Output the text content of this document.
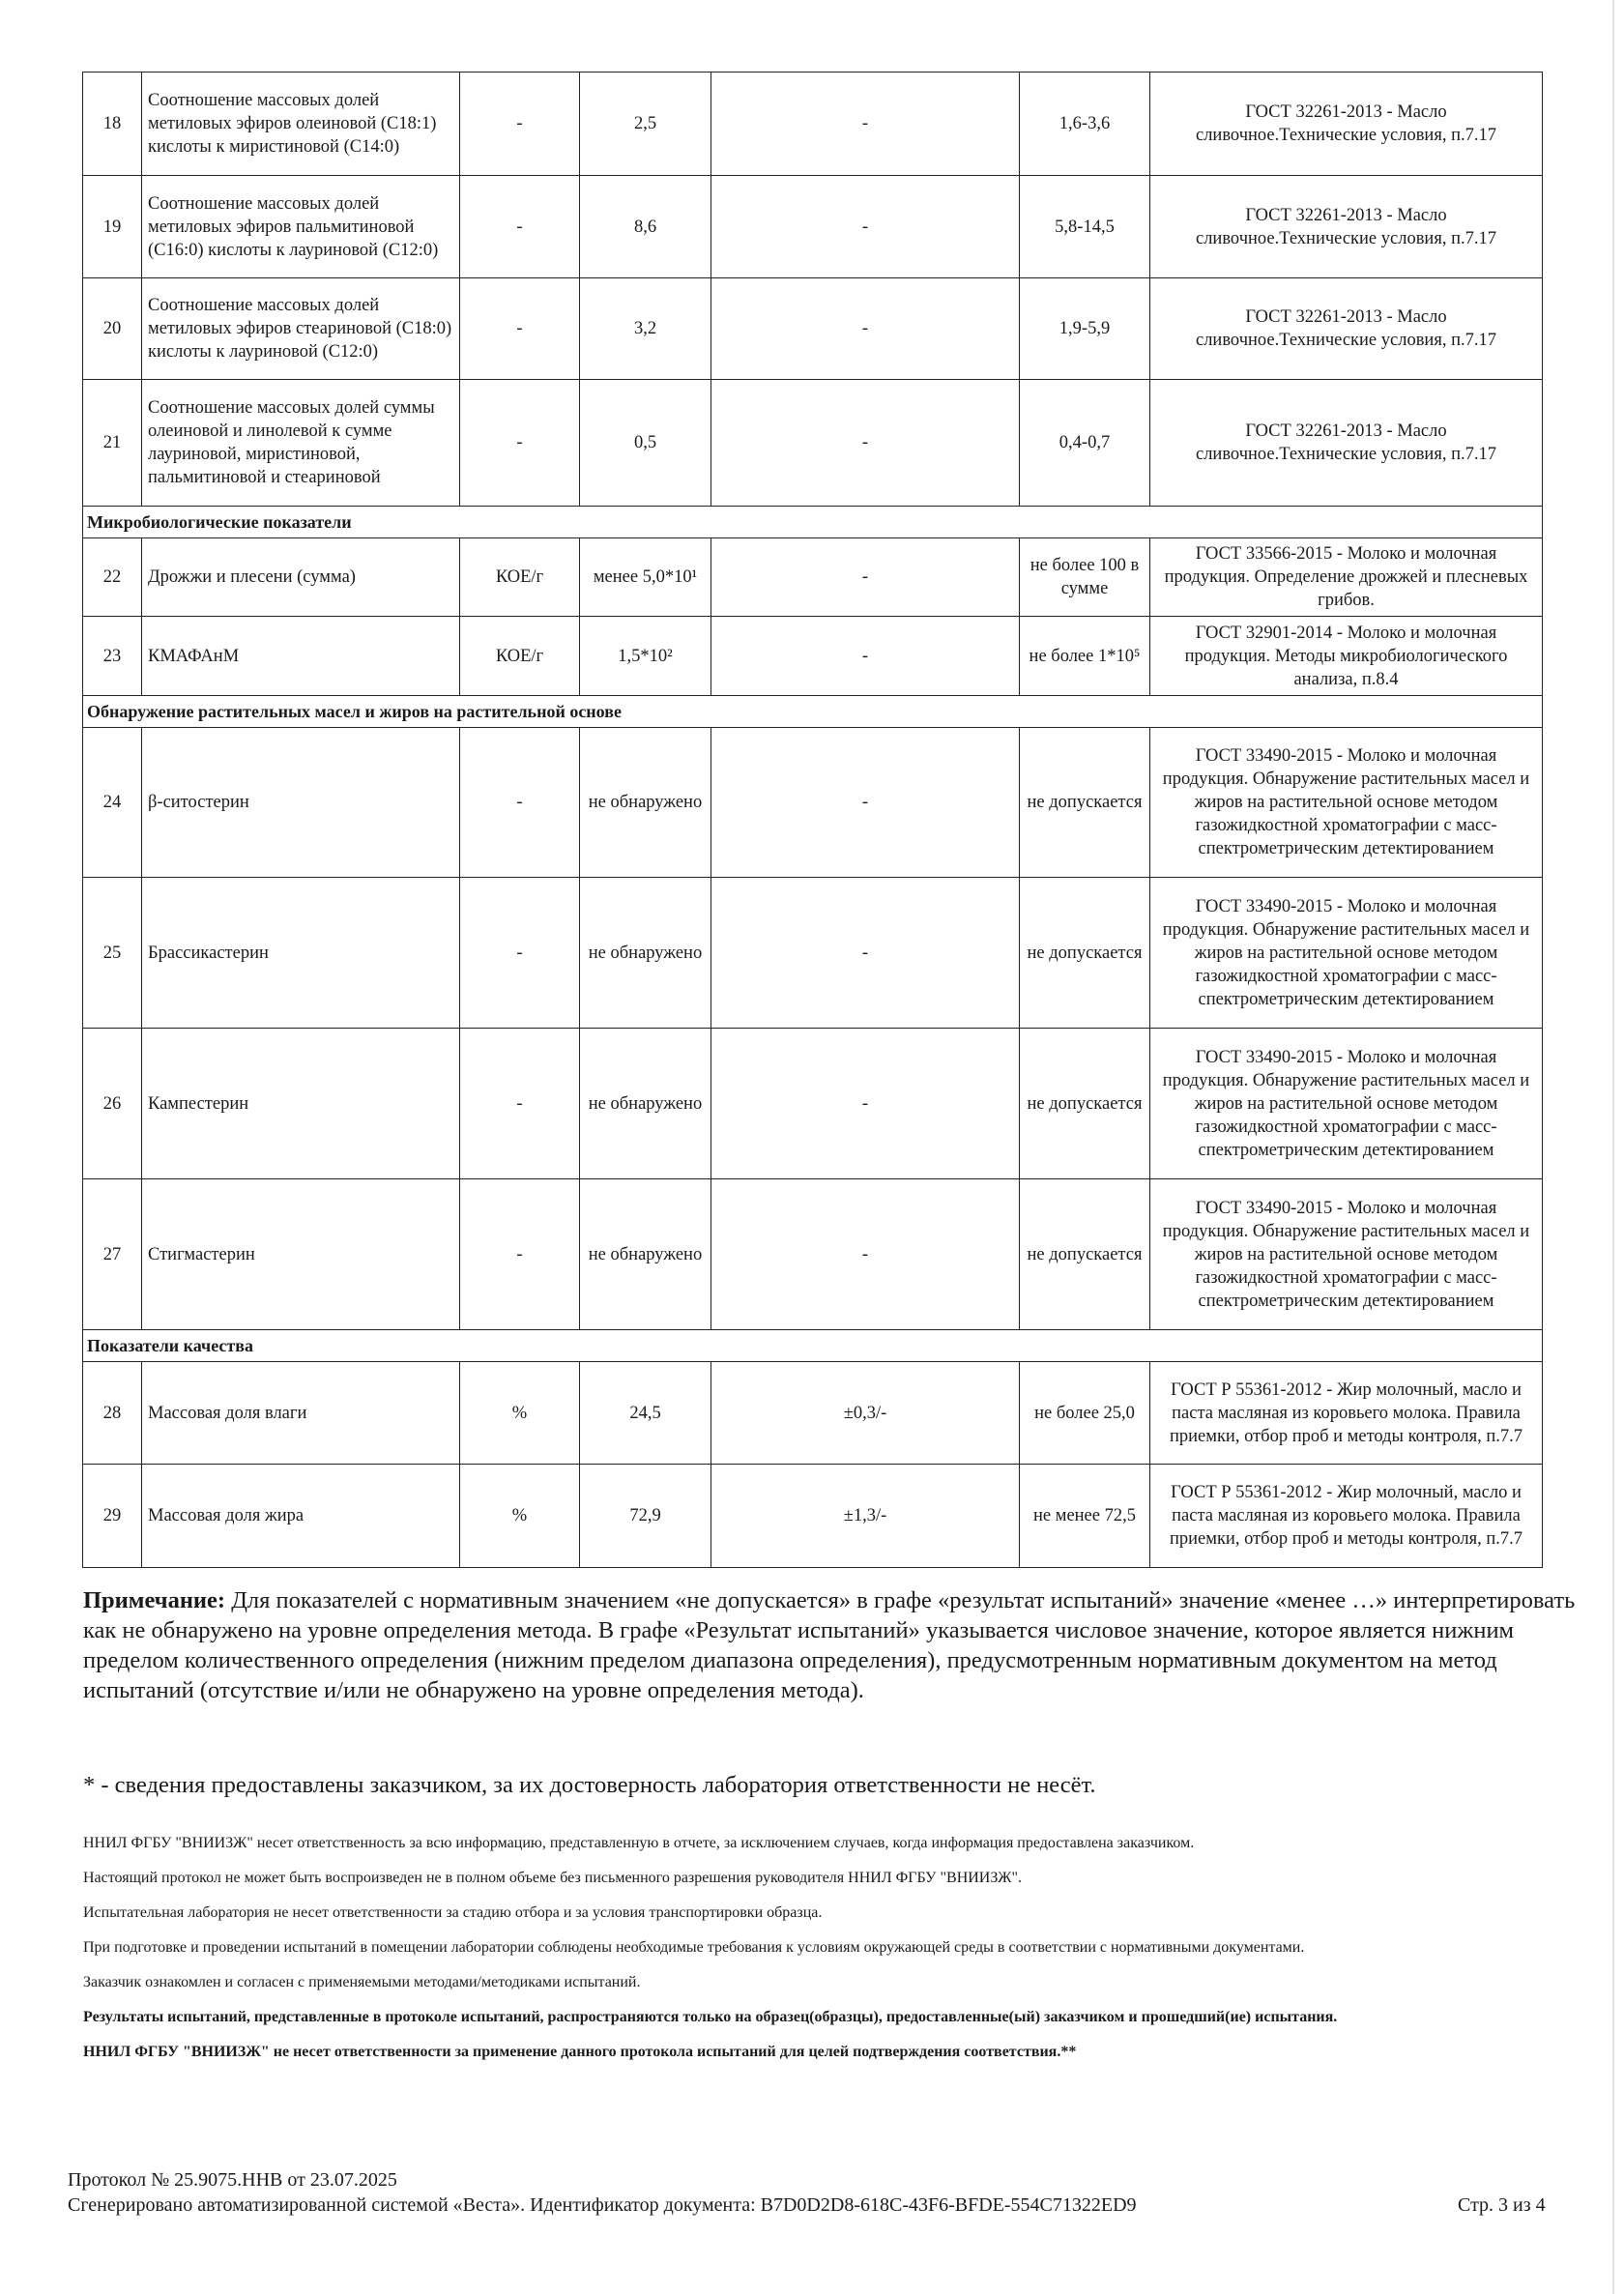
18	Соотношение массовых долей метиловых эфиров олеиновой (С18:1) кислоты к миристиновой (С14:0)	-	2,5	-	1,6-3,6	ГОСТ 32261-2013 - Масло сливочное.Технические условия, п.7.17
19	Соотношение массовых долей метиловых эфиров пальмитиновой (С16:0) кислоты к лауриновой (С12:0)	-	8,6	-	5,8-14,5	ГОСТ 32261-2013 - Масло сливочное.Технические условия, п.7.17
20	Соотношение массовых долей метиловых эфиров стеариновой (С18:0) кислоты к лауриновой (С12:0)	-	3,2	-	1,9-5,9	ГОСТ 32261-2013 - Масло сливочное.Технические условия, п.7.17
21	Соотношение массовых долей суммы олеиновой и линолевой к сумме лауриновой, миристиновой, пальмитиновой и стеариновой	-	0,5	-	0,4-0,7	ГОСТ 32261-2013 - Масло сливочное.Технические условия, п.7.17
Микробиологические показатели						
22	Дрожжи и плесени (сумма)	КОЕ/г	менее 5,0*10¹	-	не более 100 в сумме	ГОСТ 33566-2015 - Молоко и молочная продукция. Определение дрожжей и плесневых грибов.
23	КМАФАнМ	КОЕ/г	1,5*10²	-	не более 1*10⁵	ГОСТ 32901-2014 - Молоко и молочная продукция. Методы микробиологического анализа, п.8.4
Обнаружение растительных масел и жиров на растительной основе						
24	β-ситостерин	-	не обнаружено	-	не допускается	ГОСТ 33490-2015 - Молоко и молочная продукция. Обнаружение растительных масел и жиров на растительной основе методом газожидкостной хроматографии с масс-спектрометрическим детектированием
25	Брассикастерин	-	не обнаружено	-	не допускается	ГОСТ 33490-2015 - Молоко и молочная продукция. Обнаружение растительных масел и жиров на растительной основе методом газожидкостной хроматографии с масс-спектрометрическим детектированием
26	Кампестерин	-	не обнаружено	-	не допускается	ГОСТ 33490-2015 - Молоко и молочная продукция. Обнаружение растительных масел и жиров на растительной основе методом газожидкостной хроматографии с масс-спектрометрическим детектированием
27	Стигмастерин	-	не обнаружено	-	не допускается	ГОСТ 33490-2015 - Молоко и молочная продукция. Обнаружение растительных масел и жиров на растительной основе методом газожидкостной хроматографии с масс-спектрометрическим детектированием
Показатели качества						
28	Массовая доля влаги	%	24,5	±0,3/-	не более 25,0	ГОСТ Р 55361-2012 - Жир молочный, масло и паста масляная из коровьего молока. Правила приемки, отбор проб и методы контроля, п.7.7
29	Массовая доля жира	%	72,9	±1,3/-	не менее 72,5	ГОСТ Р 55361-2012 - Жир молочный, масло и паста масляная из коровьего молока. Правила приемки, отбор проб и методы контроля, п.7.7
Примечание: Для показателей с нормативным значением «не допускается» в графе «результат испытаний» значение «менее …» интерпретировать как не обнаружено на уровне определения метода. В графе «Результат испытаний» указывается числовое значение, которое является нижним пределом количественного определения (нижним пределом диапазона определения), предусмотренным нормативным документом на метод испытаний (отсутствие и/или не обнаружено на уровне определения метода).
* - сведения предоставлены заказчиком, за их достоверность лаборатория ответственности не несёт.
ННИЛ ФГБУ "ВНИИЗЖ" несет ответственность за всю информацию, представленную в отчете, за исключением случаев, когда информация предоставлена заказчиком.
Настоящий протокол не может быть воспроизведен не в полном объеме без письменного разрешения руководителя ННИЛ ФГБУ "ВНИИЗЖ".
Испытательная лаборатория не несет ответственности за стадию отбора и за условия транспортировки образца.
При подготовке и проведении испытаний в помещении лаборатории соблюдены необходимые требования к условиям окружающей среды в соответствии с нормативными документами.
Заказчик ознакомлен и согласен с применяемыми методами/методиками испытаний.
Результаты испытаний, представленные в протоколе испытаний, распространяются только на образец(образцы), предоставленные(ый) заказчиком и прошедший(ие) испытания.
ННИЛ ФГБУ "ВНИИЗЖ" не несет ответственности за применение данного протокола испытаний для целей подтверждения соответствия.**
Протокол № 25.9075.ННВ от 23.07.2025
Сгенерировано автоматизированной системой «Веста». Идентификатор документа: B7D0D2D8-618C-43F6-BFDE-554C71322ED9	Стр. 3 из 4
